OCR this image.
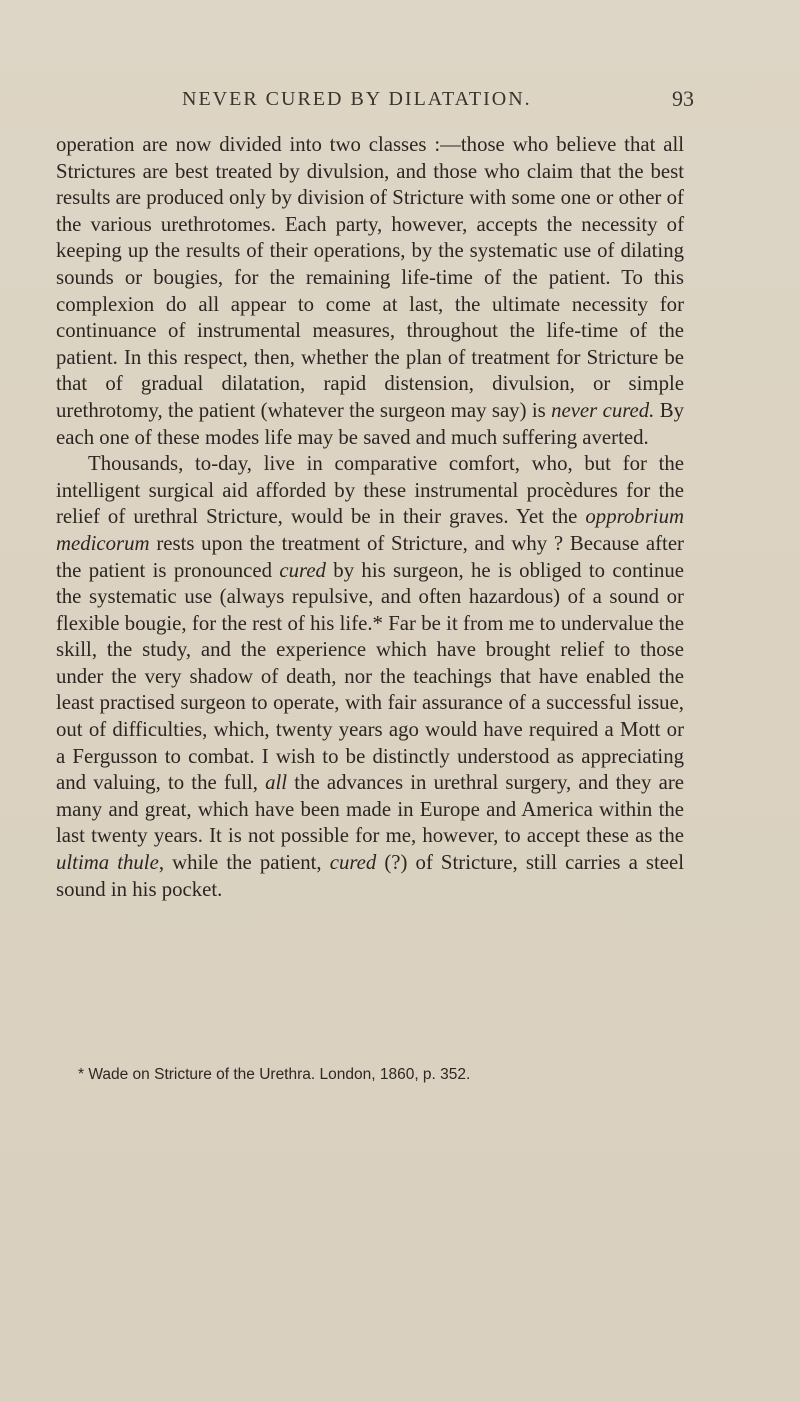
NEVER CURED BY DILATATION.	93

operation are now divided into two classes :—those who believe that all Strictures are best treated by divulsion, and those who claim that the best results are produced only by division of Stricture with some one or other of the various urethrotomes. Each party, however, accepts the necessity of keeping up the results of their operations, by the systematic use of dilating sounds or bougies, for the remaining life-time of the patient. To this complexion do all appear to come at last, the ultimate necessity for continuance of instrumental measures, throughout the life-time of the patient. In this respect, then, whether the plan of treatment for Stricture be that of gradual dilatation, rapid distension, divulsion, or simple urethrotomy, the patient (whatever the surgeon may say) is never cured. By each one of these modes life may be saved and much suffering averted.

Thousands, to-day, live in comparative comfort, who, but for the intelligent surgical aid afforded by these instrumental procèdures for the relief of urethral Stricture, would be in their graves. Yet the opprobrium medicorum rests upon the treatment of Stricture, and why ? Because after the patient is pronounced cured by his surgeon, he is obliged to continue the systematic use (always repulsive, and often hazardous) of a sound or flexible bougie, for the rest of his life.* Far be it from me to undervalue the skill, the study, and the experience which have brought relief to those under the very shadow of death, nor the teachings that have enabled the least practised surgeon to operate, with fair assurance of a successful issue, out of difficulties, which, twenty years ago would have required a Mott or a Fergusson to combat. I wish to be distinctly understood as appreciating and valuing, to the full, all the advances in urethral surgery, and they are many and great, which have been made in Europe and America within the last twenty years. It is not possible for me, however, to accept these as the ultima thule, while the patient, cured (?) of Stricture, still carries a steel sound in his pocket.

* Wade on Stricture of the Urethra. London, 1860, p. 352.
